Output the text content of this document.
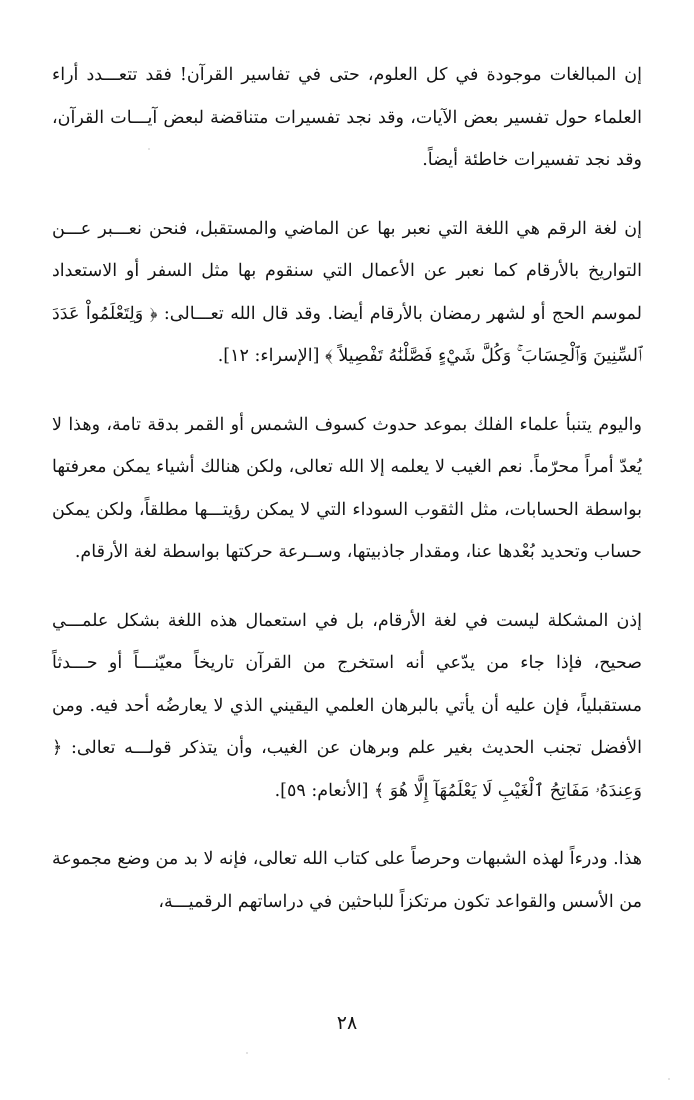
إن المبالغات موجودة في كل العلوم، حتى في تفاسير القرآن! فقد تتعـــدد أراء العلماء حول تفسير بعض الآيات، وقد نجد تفسيرات متناقضة لبعض آيـــات القرآن، وقد نجد تفسيرات خاطئة أيضاً.

إن لغة الرقم هي اللغة التي نعبر بها عن الماضي والمستقبل، فنحن نعـــبر عـــن التواريخ بالأرقام كما نعبر عن الأعمال التي سنقوم بها مثل السفر أو الاستعداد لموسم الحج أو لشهر رمضان بالأرقام أيضا. وقد قال الله تعـــالى: ﴿ وَلِتَعْلَمُواْ عَدَدَ ٱلسِّنِينَ وَٱلْحِسَابَ ۚ وَكُلَّ شَيْءٍ فَصَّلْنَٰهُ تَفْصِيلاً ﴾ [الإسراء: ١٢].

واليوم يتنبأ علماء الفلك بموعد حدوث كسوف الشمس أو القمر بدقة تامة، وهذا لا يُعدّ أمراً محرّماً. نعم الغيب لا يعلمه إلا الله تعالى، ولكن هنالك أشياء يمكن معرفتها بواسطة الحسابات، مثل الثقوب السوداء التي لا يمكن رؤيتـــها مطلقاً، ولكن يمكن حساب وتحديد بُعْدها عنا، ومقدار جاذبيتها، وســرعة حركتها بواسطة لغة الأرقام.

إذن المشكلة ليست في لغة الأرقام، بل في استعمال هذه اللغة بشكل علمـــي صحيح، فإذا جاء من يدّعي أنه استخرج من القرآن تاريخاً معيّنـــاً أو حـــدثاً مستقبلياً، فإن عليه أن يأتي بالبرهان العلمي اليقيني الذي لا يعارضُه أحد فيه. ومن الأفضل تجنب الحديث بغير علم وبرهان عن الغيب، وأن يتذكر قولـــه تعالى: ﴿ وَعِندَهُۥ مَفَاتِحُ ٱلْغَيْبِ لَا يَعْلَمُهَآ إِلَّا هُوَ ﴾ [الأنعام: ٥٩].

هذا. ودرءاً لهذه الشبهات وحرصاً على كتاب الله تعالى، فإنه لا بد من وضع مجموعة من الأسس والقواعد تكون مرتكزاً للباحثين في دراساتهم الرقميـــة،

٢٨
